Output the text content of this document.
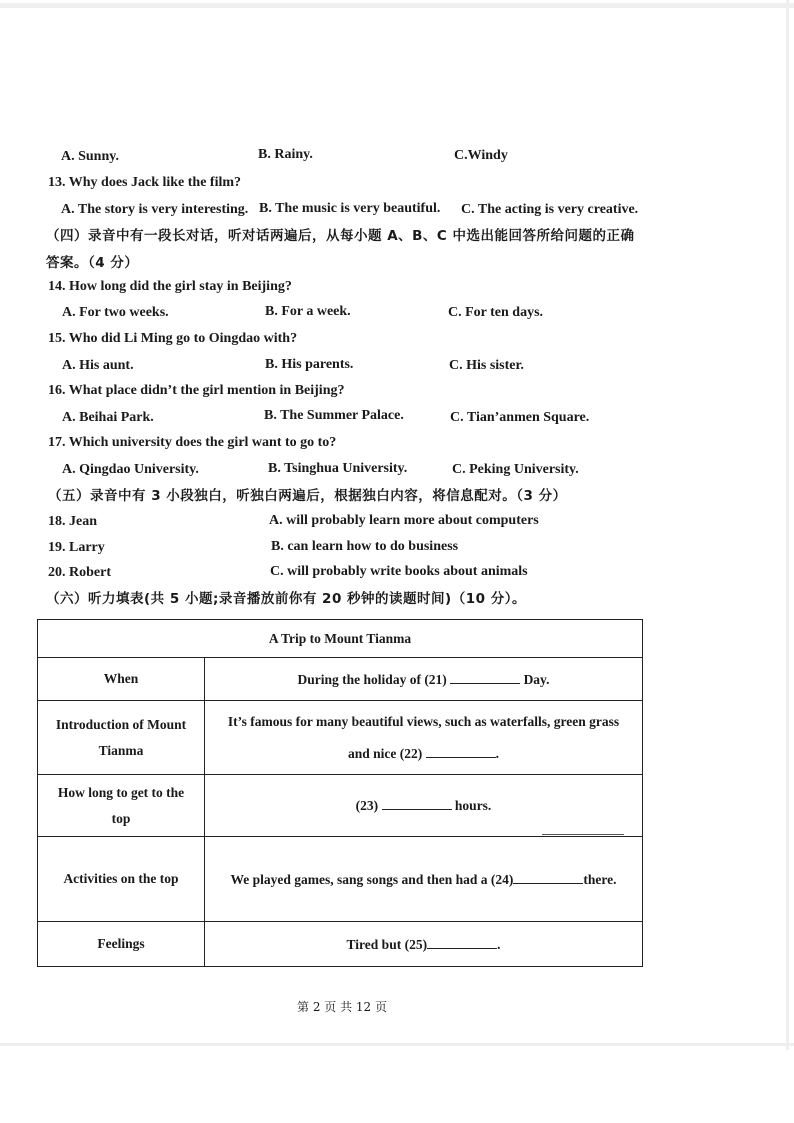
A. Sunny.	B. Rainy.	C.Windy
13. Why does Jack like the film?
A. The story is very interesting. B. The music is very beautiful. C. The acting is very creative.
（四）录音中有一段长对话，听对话两遍后，从每小题 A、B、C 中选出能回答所给问题的正确
答案。（4 分）
14. How long did the girl stay in Beijing?
A. For two weeks.	B. For a week.	C. For ten days.
15. Who did Li Ming go to Oingdao with?
A. His aunt.	B. His parents.	C. His sister.
16. What place didn’t the girl mention in Beijing?
A. Beihai Park.	B. The Summer Palace.	C. Tian’anmen Square.
17. Which university does the girl want to go to?
A. Qingdao University.	B. Tsinghua University.	C. Peking University.
（五）录音中有 3 小段独白，听独白两遍后，根据独白内容，将信息配对。（3 分）
18. Jean	A. will probably learn more about computers
19. Larry	B. can learn how to do business
20. Robert	C. will probably write books about animals
（六）听力填表(共 5 小题;录音播放前你有 20 秒钟的读题时间)（10 分）。
A Trip to Mount Tianma	
When	During the holiday of (21) Day.
Introduction of Mount
Tianma	It’s famous for many beautiful views, such as waterfalls, green grass
and nice (22) .
How long to get to the
top	(23) hours.
Activities on the top	We played games, sang songs and then had a (24) there.
Feelings	Tired but (25) .
第 2 页 共 12 页
